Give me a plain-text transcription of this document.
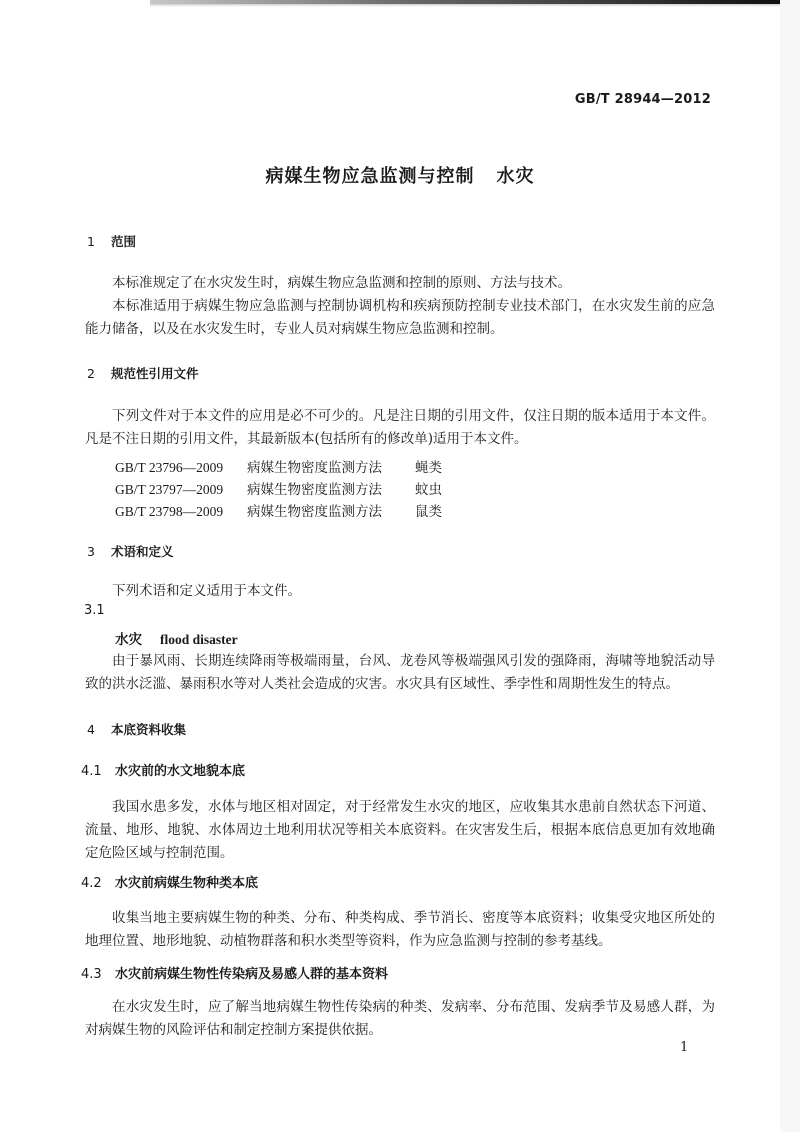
GB/T 28944—2012
病媒生物应急监测与控制 水灾
1 范围
本标准规定了在水灾发生时，病媒生物应急监测和控制的原则、方法与技术。
本标准适用于病媒生物应急监测与控制协调机构和疾病预防控制专业技术部门，在水灾发生前的应急能力储备，以及在水灾发生时，专业人员对病媒生物应急监测和控制。
2 规范性引用文件
下列文件对于本文件的应用是必不可少的。凡是注日期的引用文件，仅注日期的版本适用于本文件。凡是不注日期的引用文件，其最新版本(包括所有的修改单)适用于本文件。
GB/T 23796—2009 病媒生物密度监测方法 蝇类
GB/T 23797—2009 病媒生物密度监测方法 蚊虫
GB/T 23798—2009 病媒生物密度监测方法 鼠类
3 术语和定义
下列术语和定义适用于本文件。
3.1
水灾 flood disaster
由于暴风雨、长期连续降雨等极端雨量，台风、龙卷风等极端强风引发的强降雨，海啸等地貌活动导致的洪水泛滥、暴雨积水等对人类社会造成的灾害。水灾具有区域性、季孛性和周期性发生的特点。
4 本底资料收集
4.1 水灾前的水文地貌本底
我国水患多发，水体与地区相对固定，对于经常发生水灾的地区，应收集其水患前自然状态下河道、流量、地形、地貌、水体周边土地利用状况等相关本底资料。在灾害发生后，根据本底信息更加有效地确定危险区域与控制范围。
4.2 水灾前病媒生物种类本底
收集当地主要病媒生物的种类、分布、种类构成、季节消长、密度等本底资料；收集受灾地区所处的地理位置、地形地貌、动植物群落和积水类型等资料，作为应急监测与控制的参考基线。
4.3 水灾前病媒生物性传染病及易感人群的基本资料
在水灾发生时，应了解当地病媒生物性传染病的种类、发病率、分布范围、发病季节及易感人群，为对病媒生物的风险评估和制定控制方案提供依据。
1
